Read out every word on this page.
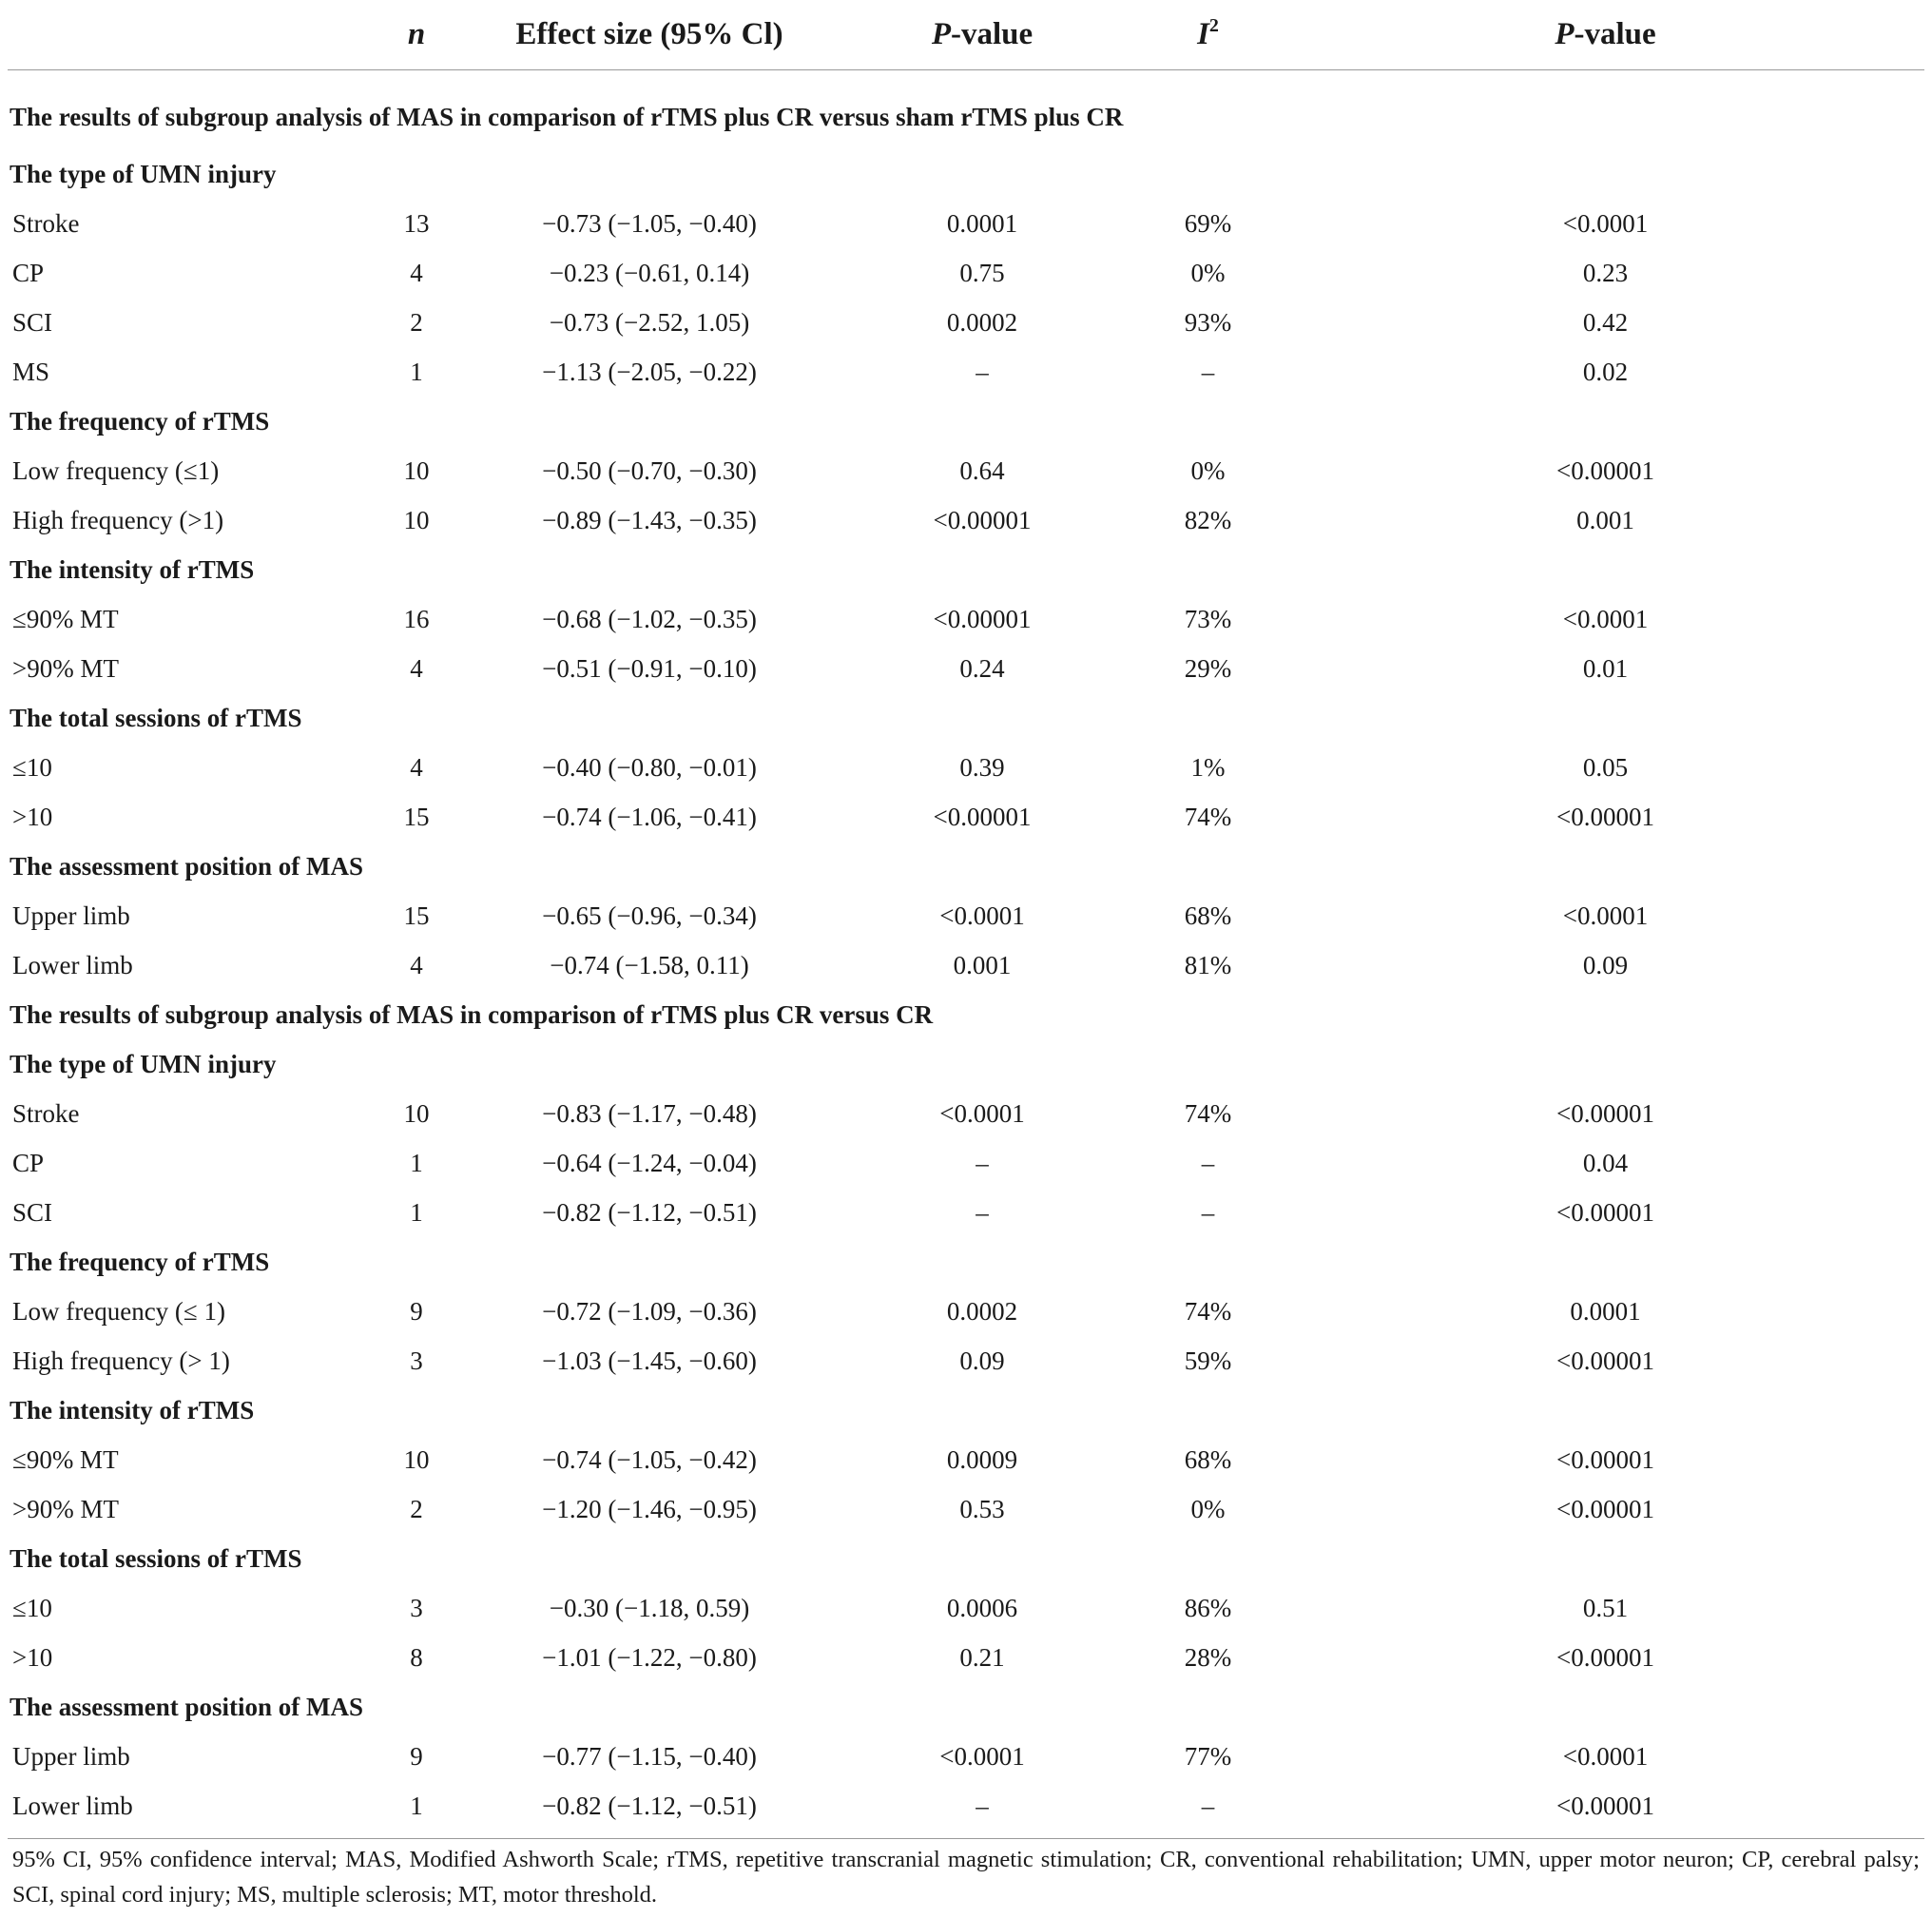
	n	Effect size (95% Cl)	P-value	$I^2$	P-value
The results of subgroup analysis of MAS in comparison of rTMS plus CR versus sham rTMS plus CR					
The type of UMN injury					
Stroke	13	−0.73 (−1.05, −0.40)	0.0001	69%	<0.0001
CP	4	−0.23 (−0.61, 0.14)	0.75	0%	0.23
SCI	2	−0.73 (−2.52, 1.05)	0.0002	93%	0.42
MS	1	−1.13 (−2.05, −0.22)	–	–	0.02
The frequency of rTMS					
Low frequency (≤1)	10	−0.50 (−0.70, −0.30)	0.64	0%	<0.00001
High frequency (>1)	10	−0.89 (−1.43, −0.35)	<0.00001	82%	0.001
The intensity of rTMS					
≤90% MT	16	−0.68 (−1.02, −0.35)	<0.00001	73%	<0.0001
>90% MT	4	−0.51 (−0.91, −0.10)	0.24	29%	0.01
The total sessions of rTMS					
≤10	4	−0.40 (−0.80, −0.01)	0.39	1%	0.05
>10	15	−0.74 (−1.06, −0.41)	<0.00001	74%	<0.00001
The assessment position of MAS					
Upper limb	15	−0.65 (−0.96, −0.34)	<0.0001	68%	<0.0001
Lower limb	4	−0.74 (−1.58, 0.11)	0.001	81%	0.09
The results of subgroup analysis of MAS in comparison of rTMS plus CR versus CR					
The type of UMN injury					
Stroke	10	−0.83 (−1.17, −0.48)	<0.0001	74%	<0.00001
CP	1	−0.64 (−1.24, −0.04)	–	–	0.04
SCI	1	−0.82 (−1.12, −0.51)	–	–	<0.00001
The frequency of rTMS					
Low frequency (≤ 1)	9	−0.72 (−1.09, −0.36)	0.0002	74%	0.0001
High frequency (> 1)	3	−1.03 (−1.45, −0.60)	0.09	59%	<0.00001
The intensity of rTMS					
≤90% MT	10	−0.74 (−1.05, −0.42)	0.0009	68%	<0.00001
>90% MT	2	−1.20 (−1.46, −0.95)	0.53	0%	<0.00001
The total sessions of rTMS					
≤10	3	−0.30 (−1.18, 0.59)	0.0006	86%	0.51
>10	8	−1.01 (−1.22, −0.80)	0.21	28%	<0.00001
The assessment position of MAS					
Upper limb	9	−0.77 (−1.15, −0.40)	<0.0001	77%	<0.0001
Lower limb	1	−0.82 (−1.12, −0.51)	–	–	<0.00001
95% CI, 95% confidence interval; MAS, Modified Ashworth Scale; rTMS, repetitive transcranial magnetic stimulation; CR, conventional rehabilitation; UMN, upper motor neuron; CP, cerebral palsy; SCI, spinal cord injury; MS, multiple sclerosis; MT, motor threshold.
